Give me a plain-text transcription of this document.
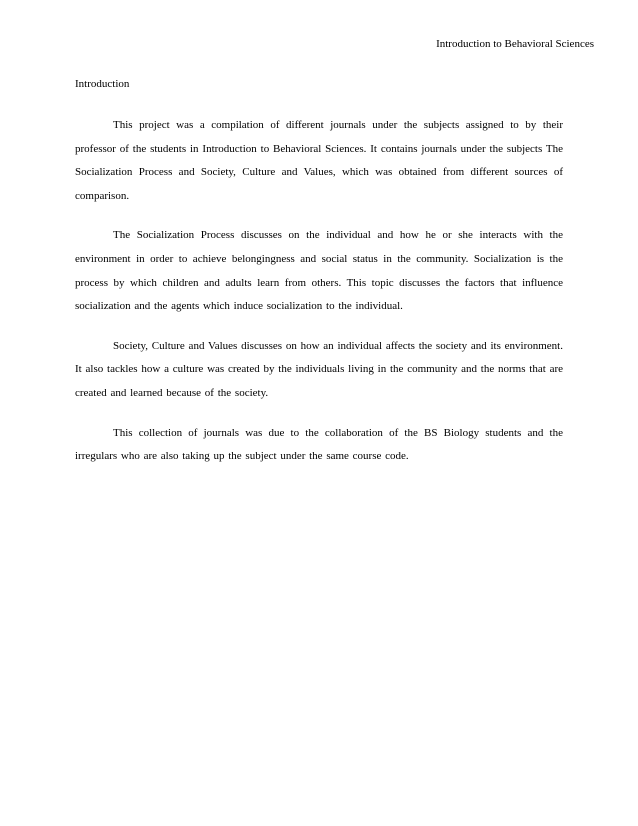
Introduction to Behavioral Sciences
Introduction

This project was a compilation of different journals under the subjects assigned to by their professor of the students in Introduction to Behavioral Sciences. It contains journals under the subjects The Socialization Process and Society, Culture and Values, which was obtained from different sources of comparison.

The Socialization Process discusses on the individual and how he or she interacts with the environment in order to achieve belongingness and social status in the community. Socialization is the process by which children and adults learn from others. This topic discusses the factors that influence socialization and the agents which induce socialization to the individual.

Society, Culture and Values discusses on how an individual affects the society and its environment. It also tackles how a culture was created by the individuals living in the community and the norms that are created and learned because of the society.

This collection of journals was due to the collaboration of the BS Biology students and the irregulars who are also taking up the subject under the same course code.
